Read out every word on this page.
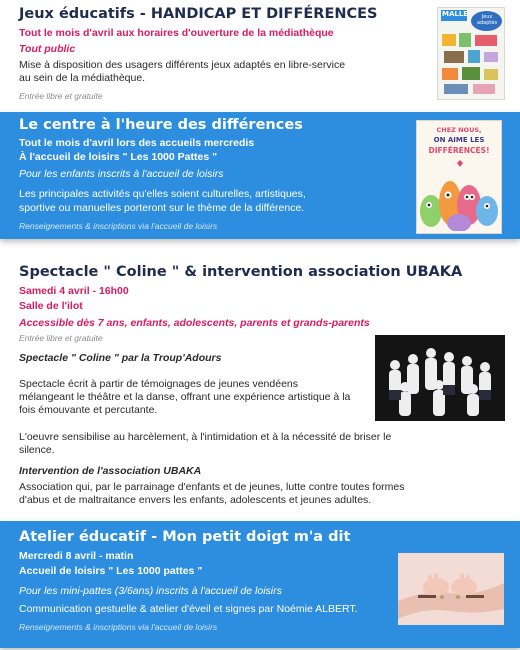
Jeux éducatifs - HANDICAP ET DIFFÉRENCES
Tout le mois d'avril aux horaires d'ouverture de la médiathèque
Tout public
Mise à disposition des usagers différents jeux adaptés en libre-service
au sein de la médiathèque.
Entrée libre et gratuite
MALLE	Jeux adaptés
Le centre à l'heure des différences
Tout le mois d'avril lors des accueils mercredis
À l'accueil de loisirs " Les 1000 Pattes "
Pour les enfants inscrits à l'accueil de loisirs
Les principales activités qu'elles soient culturelles, artistiques,
sportive ou manuelles porteront sur le thème de la différence.
Renseignements & inscriptions via l'accueil de loisirs
CHEZ NOUS,
ON AIME LES
DIFFÉRENCES!
Spectacle " Coline " & intervention association UBAKA
Samedi 4 avril - 16h00
Salle de l'ilot
Accessible dès 7 ans, enfants, adolescents, parents et grands-parents
Entrée libre et gratuite
Spectacle " Coline " par la Troup'Adours
Spectacle écrit à partir de témoignages de jeunes vendéens
mélangeant le théâtre et la danse, offrant une expérience artistique à la
fois émouvante et percutante.
L'oeuvre sensibilise au harcèlement, à l'intimidation et à la nécessité de briser le
silence.
Intervention de l'association UBAKA
Association qui, par le parrainage d'enfants et de jeunes, lutte contre toutes formes
d'abus et de maltraitance envers les enfants, adolescents et jeunes adultes.
Atelier éducatif - Mon petit doigt m'a dit
Mercredi 8 avril - matin
Accueil de loisirs " Les 1000 pattes "
Pour les mini-pattes (3/6ans) inscrits à l'accueil de loisirs
Communication gestuelle & atelier d'éveil et signes par Noémie ALBERT.
Renseignements & inscriptions via l'accueil de loisirs
